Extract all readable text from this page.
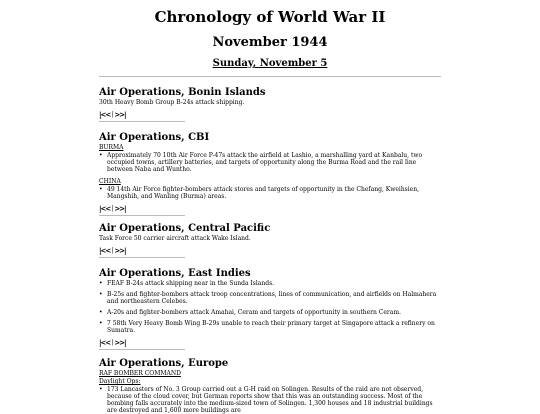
Chronology of World War II
November 1944
Sunday, November 5

Air Operations, Bonin Islands

30th Heavy Bomb Group B-24s attack shipping.

|<< | >>|

Air Operations, CBI

BURMA

• Approximately 70 10th Air Force P-47s attack the airfield at Lashio, a marshalling yard at Kanbalu, two occupied towns, artillery batteries, and targets of opportunity along the Burma Road and the rail line between Naba and Wuntho.

CHINA

• 49 14th Air Force fighter-bombers attack stores and targets of opportunity in the Chefang, Kweihsien, Mangshih, and Wanling (Burma) areas.

|<< | >>|

Air Operations, Central Pacific

Task Force 50 carrier aircraft attack Wake Island.

|<< | >>|

Air Operations, East Indies

• FEAF B-24s attack shipping near in the Sunda Islands.

• B-25s and fighter-bombers attack troop concentrations, lines of communication, and airfields on Halmahera and northeastern Celebes.

• A-20s and fighter-bombers attack Amahai, Ceram and targets of opportunity in southern Ceram.

• 7 58th Very Heavy Bomb Wing B-29s unable to reach their primary target at Singapore attack a refinery on Sumatra.

|<< | >>|

Air Operations, Europe

RAF BOMBER COMMAND

Daylight Ops:

• 173 Lancasters of No. 3 Group carried out a G-H raid on Solingen. Results of the raid are not observed, because of the cloud cover, but German reports show that this was an outstanding success. Most of the bombing falls accurately into the medium-sized town of Solingen. 1,300 houses and 18 industrial buildings are destroyed and 1,600 more buildings are
